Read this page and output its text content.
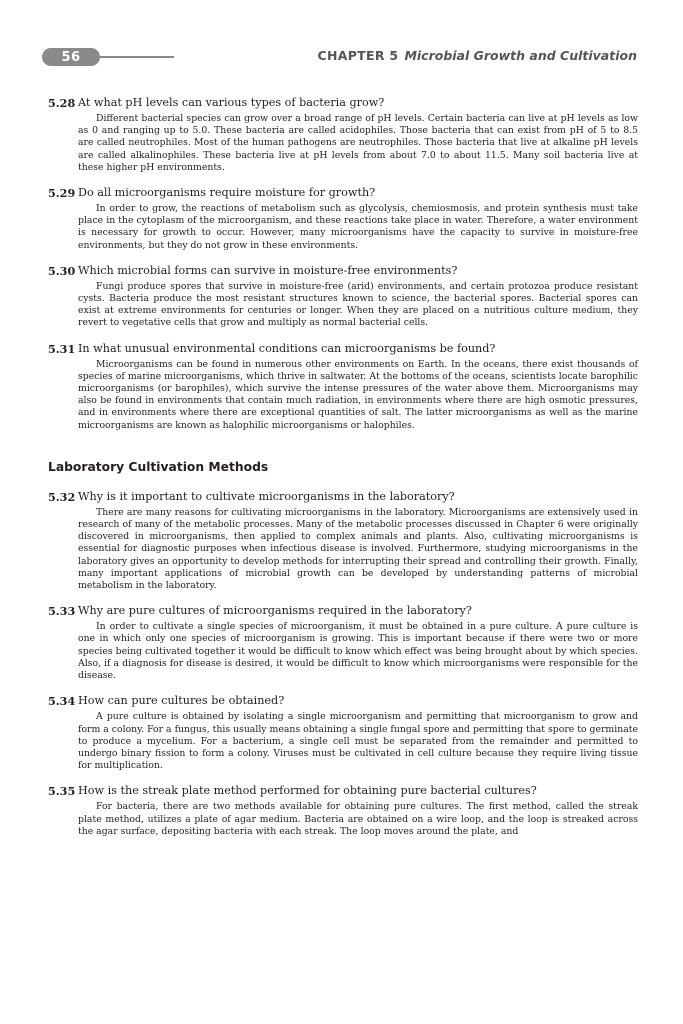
56	CHAPTER 5 Microbial Growth and Cultivation
5.28 At what pH levels can various types of bacteria grow?
Different bacterial species can grow over a broad range of pH levels. Certain bacteria can live at pH levels as low as 0 and ranging up to 5.0. These bacteria are called acidophiles. Those bacteria that can exist from pH of 5 to 8.5 are called neutrophiles. Most of the human pathogens are neutrophiles. Those bacteria that live at alkaline pH levels are called alkalinophiles. These bacteria live at pH levels from about 7.0 to about 11.5. Many soil bacteria live at these higher pH environments.
5.29 Do all microorganisms require moisture for growth?
In order to grow, the reactions of metabolism such as glycolysis, chemiosmosis, and protein synthesis must take place in the cytoplasm of the microorganism, and these reactions take place in water. Therefore, a water environment is necessary for growth to occur. However, many microorganisms have the capacity to survive in moisture-free environments, but they do not grow in these environments.
5.30 Which microbial forms can survive in moisture-free environments?
Fungi produce spores that survive in moisture-free (arid) environments, and certain protozoa produce resistant cysts. Bacteria produce the most resistant structures known to science, the bacterial spores. Bacterial spores can exist at extreme environments for centuries or longer. When they are placed on a nutritious culture medium, they revert to vegetative cells that grow and multiply as normal bacterial cells.
5.31 In what unusual environmental conditions can microorganisms be found?
Microorganisms can be found in numerous other environments on Earth. In the oceans, there exist thousands of species of marine microorganisms, which thrive in saltwater. At the bottoms of the oceans, scientists locate barophilic microorganisms (or barophiles), which survive the intense pressures of the water above them. Microorganisms may also be found in environments that contain much radiation, in environments where there are high osmotic pressures, and in environments where there are exceptional quantities of salt. The latter microorganisms as well as the marine microorganisms are known as halophilic microorganisms or halophiles.
Laboratory Cultivation Methods
5.32 Why is it important to cultivate microorganisms in the laboratory?
There are many reasons for cultivating microorganisms in the laboratory. Microorganisms are extensively used in research of many of the metabolic processes. Many of the metabolic processes discussed in Chapter 6 were originally discovered in microorganisms, then applied to complex animals and plants. Also, cultivating microorganisms is essential for diagnostic purposes when infectious disease is involved. Furthermore, studying microorganisms in the laboratory gives an opportunity to develop methods for interrupting their spread and controlling their growth. Finally, many important applications of microbial growth can be developed by understanding patterns of microbial metabolism in the laboratory.
5.33 Why are pure cultures of microorganisms required in the laboratory?
In order to cultivate a single species of microorganism, it must be obtained in a pure culture. A pure culture is one in which only one species of microorganism is growing. This is important because if there were two or more species being cultivated together it would be difficult to know which effect was being brought about by which species. Also, if a diagnosis for disease is desired, it would be difficult to know which microorganisms were responsible for the disease.
5.34 How can pure cultures be obtained?
A pure culture is obtained by isolating a single microorganism and permitting that microorganism to grow and form a colony. For a fungus, this usually means obtaining a single fungal spore and permitting that spore to germinate to produce a mycelium. For a bacterium, a single cell must be separated from the remainder and permitted to undergo binary fission to form a colony. Viruses must be cultivated in cell culture because they require living tissue for multiplication.
5.35 How is the streak plate method performed for obtaining pure bacterial cultures?
For bacteria, there are two methods available for obtaining pure cultures. The first method, called the streak plate method, utilizes a plate of agar medium. Bacteria are obtained on a wire loop, and the loop is streaked across the agar surface, depositing bacteria with each streak. The loop moves around the plate, and
